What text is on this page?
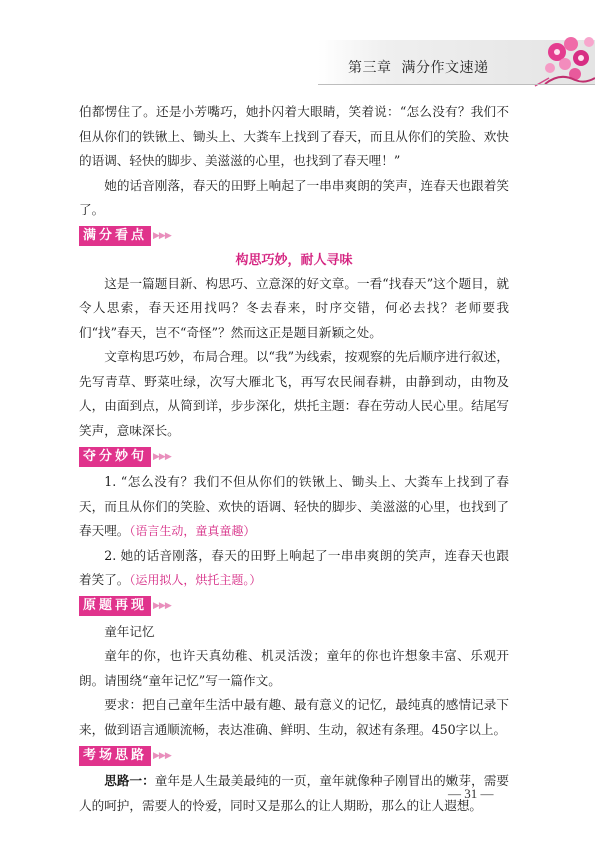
第三章 满分作文速递

伯都愣住了。还是小芳嘴巧，她扑闪着大眼睛，笑着说：“怎么没有？我们不但从你们的铁锹上、锄头上、大粪车上找到了春天，而且从你们的笑脸、欢快的语调、轻快的脚步、美滋滋的心里，也找到了春天哩！”

她的话音刚落，春天的田野上响起了一串串爽朗的笑声，连春天也跟着笑了。

满分看点 ▶▶▶
构思巧妙，耐人寻味

这是一篇题目新、构思巧、立意深的好文章。一看“找春天”这个题目，就令人思索，春天还用找吗？冬去春来，时序交错，何必去找？老师要我们“找”春天，岂不“奇怪”？然而这正是题目新颖之处。

文章构思巧妙，布局合理。以“我”为线索，按观察的先后顺序进行叙述，先写青草、野菜吐绿，次写大雁北飞，再写农民闹春耕，由静到动，由物及人，由面到点，从简到详，步步深化，烘托主题：春在劳动人民心里。结尾写笑声，意味深长。

夺分妙句 ▶▶▶

1. “怎么没有？我们不但从你们的铁锹上、锄头上、大粪车上找到了春天，而且从你们的笑脸、欢快的语调、轻快的脚步、美滋滋的心里，也找到了春天哩。（语言生动，童真童趣）

2. 她的话音刚落，春天的田野上响起了一串串爽朗的笑声，连春天也跟着笑了。（运用拟人，烘托主题。）

原题再现 ▶▶▶

童年记忆

童年的你，也许天真幼稚、机灵活泼；童年的你也许想象丰富、乐观开朗。请围绕“童年记忆”写一篇作文。

要求：把自己童年生活中最有趣、最有意义的记忆，最纯真的感情记录下来，做到语言通顺流畅，表达准确、鲜明、生动，叙述有条理。450字以上。

考场思路 ▶▶▶

思路一：童年是人生最美最纯的一页，童年就像种子刚冒出的嫩芽，需要人的呵护，需要人的怜爱，同时又是那么的让人期盼，那么的让人遐想。

— 31 —
